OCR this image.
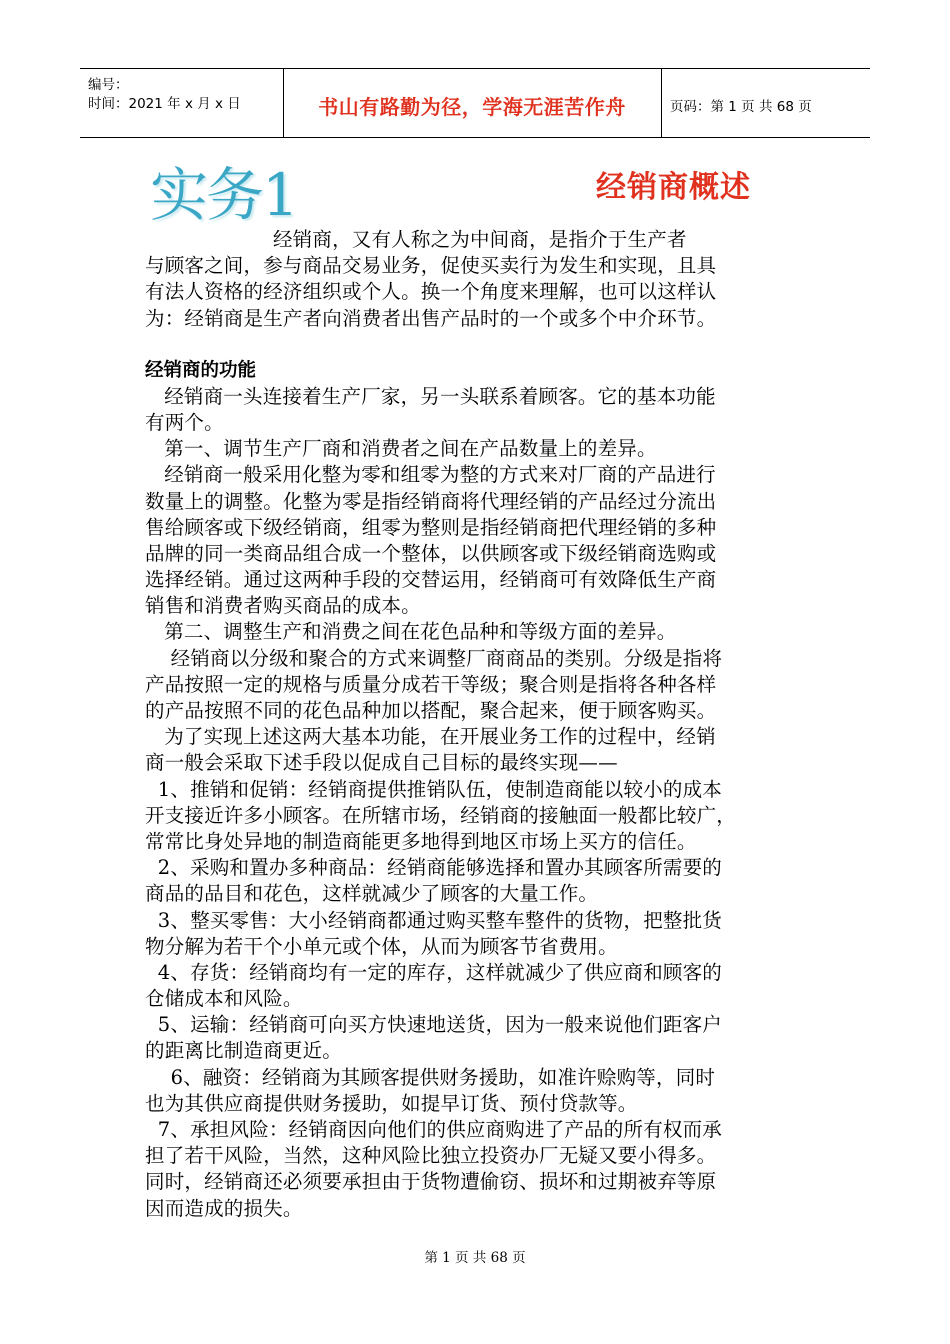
编号：
时间：2021 年 x 月 x 日	书山有路勤为径，学海无涯苦作舟	页码：第 1 页 共 68 页
实务1	经销商概述
经销商，又有人称之为中间商，是指介于生产者
与顾客之间，参与商品交易业务，促使买卖行为发生和实现，且具
有法人资格的经济组织或个人。换一个角度来理解，也可以这样认
为：经销商是生产者向消费者出售产品时的一个或多个中介环节。
经销商的功能
经销商一头连接着生产厂家，另一头联系着顾客。它的基本功能
有两个。
第一、调节生产厂商和消费者之间在产品数量上的差异。
经销商一般采用化整为零和组零为整的方式来对厂商的产品进行
数量上的调整。化整为零是指经销商将代理经销的产品经过分流出
售给顾客或下级经销商，组零为整则是指经销商把代理经销的多种
品牌的同一类商品组合成一个整体，以供顾客或下级经销商选购或
选择经销。通过这两种手段的交替运用，经销商可有效降低生产商
销售和消费者购买商品的成本。
第二、调整生产和消费之间在花色品种和等级方面的差异。
经销商以分级和聚合的方式来调整厂商商品的类别。分级是指将
产品按照一定的规格与质量分成若干等级；聚合则是指将各种各样
的产品按照不同的花色品种加以搭配，聚合起来，便于顾客购买。
为了实现上述这两大基本功能，在开展业务工作的过程中，经销
商一般会采取下述手段以促成自己目标的最终实现——
1、推销和促销：经销商提供推销队伍，使制造商能以较小的成本
开支接近许多小顾客。在所辖市场，经销商的接触面一般都比较广，
常常比身处异地的制造商能更多地得到地区市场上买方的信任。
2、采购和置办多种商品：经销商能够选择和置办其顾客所需要的
商品的品目和花色，这样就减少了顾客的大量工作。
3、整买零售：大小经销商都通过购买整车整件的货物，把整批货
物分解为若干个小单元或个体，从而为顾客节省费用。
4、存货：经销商均有一定的库存，这样就减少了供应商和顾客的
仓储成本和风险。
5、运输：经销商可向买方快速地送货，因为一般来说他们距客户
的距离比制造商更近。
6、融资：经销商为其顾客提供财务援助，如准许赊购等，同时
也为其供应商提供财务援助，如提早订货、预付贷款等。
7、承担风险：经销商因向他们的供应商购进了产品的所有权而承
担了若干风险，当然，这种风险比独立投资办厂无疑又要小得多。
同时，经销商还必须要承担由于货物遭偷窃、损坏和过期被弃等原
因而造成的损失。
第 1 页 共 68 页
